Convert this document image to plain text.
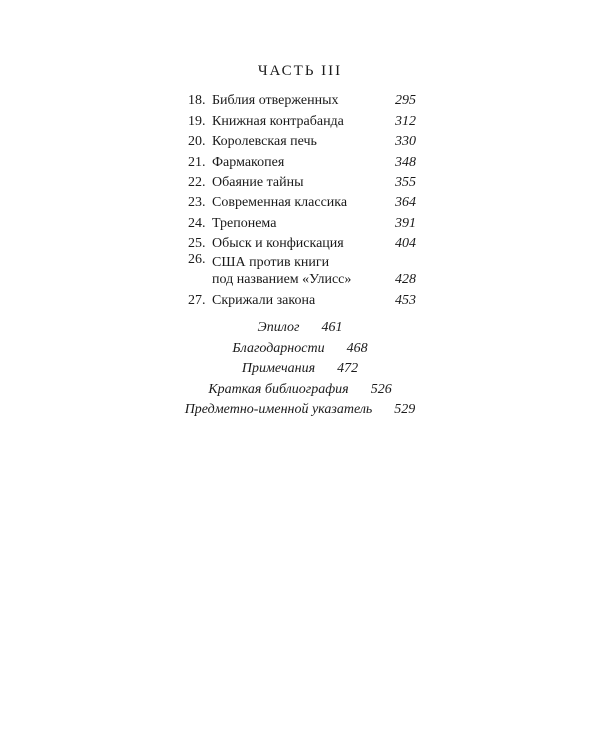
ЧАСТЬ III
18. Библия отверженных	295
19. Книжная контрабанда	312
20. Королевская печь	330
21. Фармакопея	348
22. Обаяние тайны	355
23. Современная классика	364
24. Трепонема	391
25. Обыск и конфискация	404
26. США против книги
под названием «Улисс»	428
27. Скрижали закона	453
Эпилог 461
Благодарности 468
Примечания 472
Краткая библиография 526
Предметно-именной указатель 529
